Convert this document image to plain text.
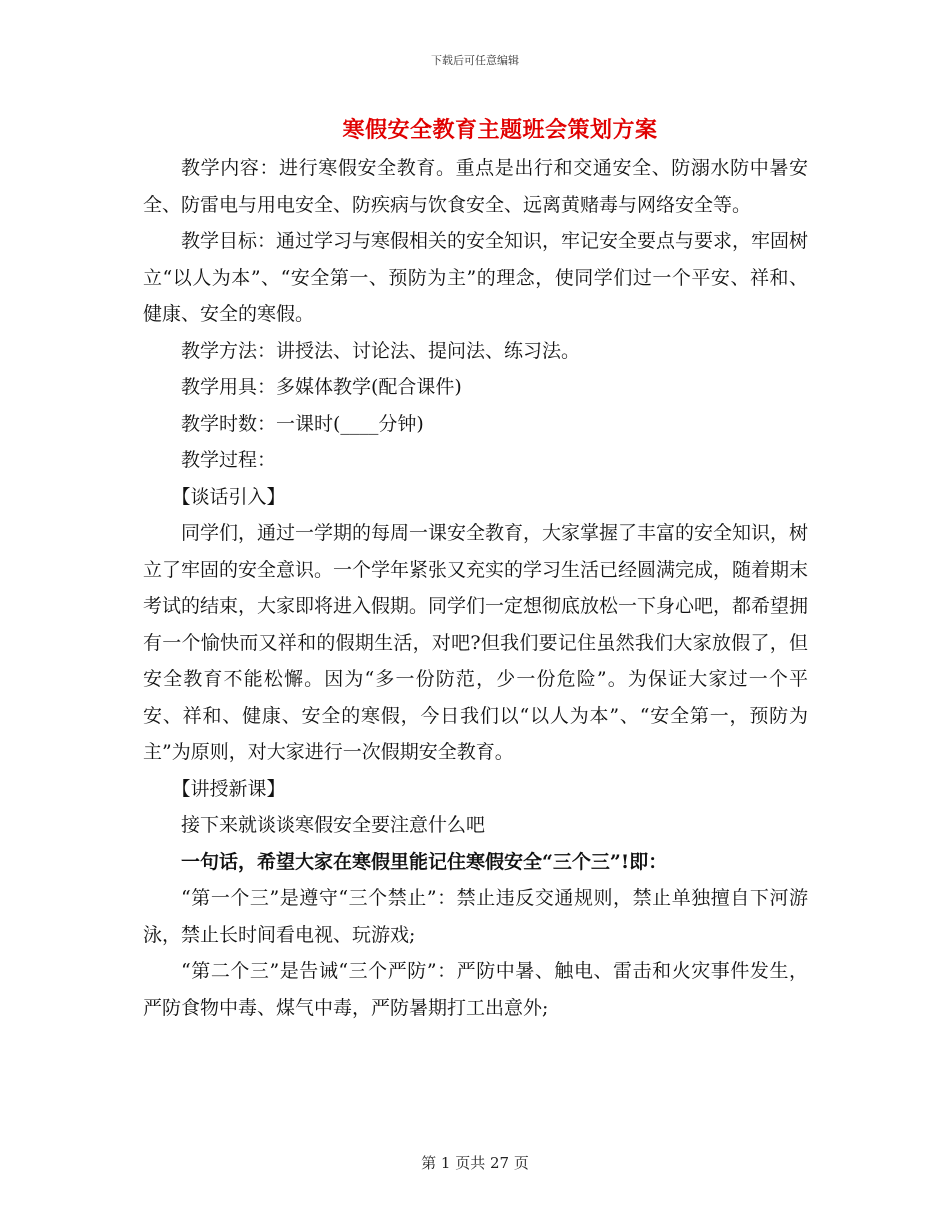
下载后可任意编辑
寒假安全教育主题班会策划方案

教学内容：进行寒假安全教育。重点是出行和交通安全、防溺水防中暑安全、防雷电与用电安全、防疾病与饮食安全、远离黄赌毒与网络安全等。

教学目标：通过学习与寒假相关的安全知识，牢记安全要点与要求，牢固树立“以人为本”、“安全第一、预防为主”的理念，使同学们过一个平安、祥和、健康、安全的寒假。

教学方法：讲授法、讨论法、提问法、练习法。

教学用具：多媒体教学(配合课件)

教学时数：一课时(____分钟)

教学过程：

【谈话引入】

同学们，通过一学期的每周一课安全教育，大家掌握了丰富的安全知识，树立了牢固的安全意识。一个学年紧张又充实的学习生活已经圆满完成，随着期末考试的结束，大家即将进入假期。同学们一定想彻底放松一下身心吧，都希望拥有一个愉快而又祥和的假期生活，对吧?但我们要记住虽然我们大家放假了，但安全教育不能松懈。因为“多一份防范，少一份危险”。为保证大家过一个平安、祥和、健康、安全的寒假，今日我们以“以人为本”、“安全第一，预防为主”为原则，对大家进行一次假期安全教育。

【讲授新课】

接下来就谈谈寒假安全要注意什么吧

一句话，希望大家在寒假里能记住寒假安全“三个三”!即：

“第一个三”是遵守“三个禁止”：禁止违反交通规则，禁止单独擅自下河游泳，禁止长时间看电视、玩游戏;

“第二个三”是告诫“三个严防”：严防中暑、触电、雷击和火灾事件发生，严防食物中毒、煤气中毒，严防暑期打工出意外;

第 1 页共 27 页
